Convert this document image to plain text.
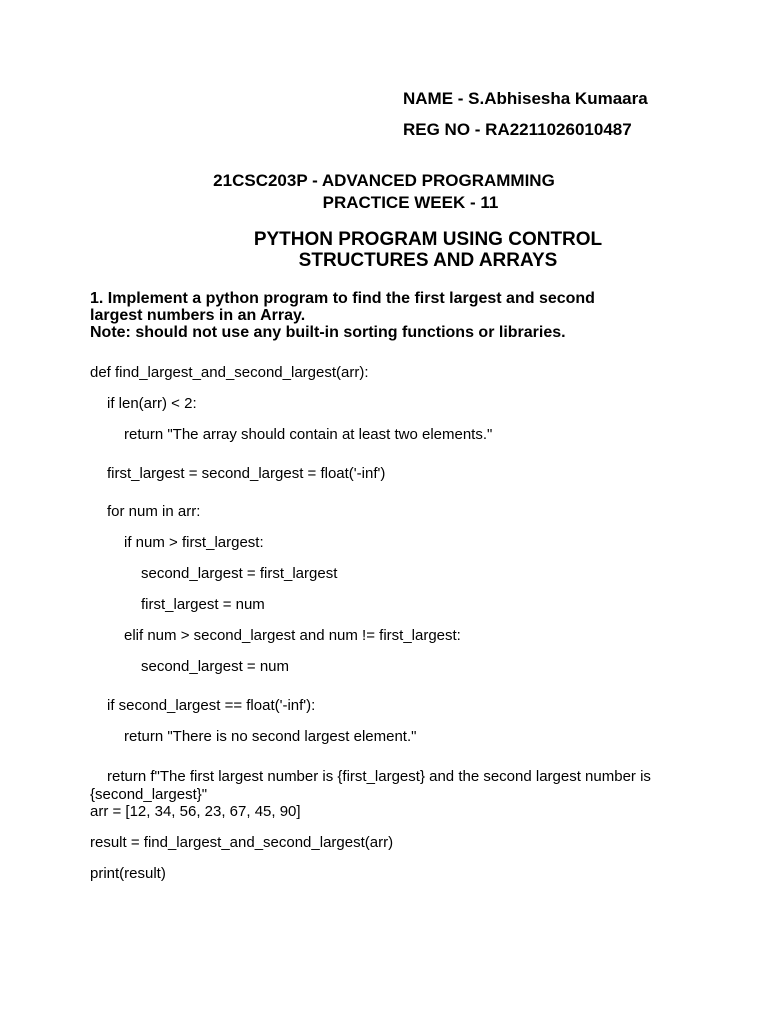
NAME - S.Abhisesha Kumaara
REG NO - RA2211026010487
21CSC203P - ADVANCED PROGRAMMING
PRACTICE WEEK - 11
PYTHON PROGRAM USING CONTROL
STRUCTURES AND ARRAYS
1. Implement a python program to find the first largest and second
largest numbers in an Array.
Note: should not use any built-in sorting functions or libraries.
def find_largest_and_second_largest(arr):
if len(arr) < 2:
return "The array should contain at least two elements."
first_largest = second_largest = float('-inf')
for num in arr:
if num > first_largest:
second_largest = first_largest
first_largest = num
elif num > second_largest and num != first_largest:
second_largest = num
if second_largest == float('-inf'):
return "There is no second largest element."
return f"The first largest number is {first_largest} and the second largest number is
{second_largest}"
arr = [12, 34, 56, 23, 67, 45, 90]
result = find_largest_and_second_largest(arr)
print(result)
